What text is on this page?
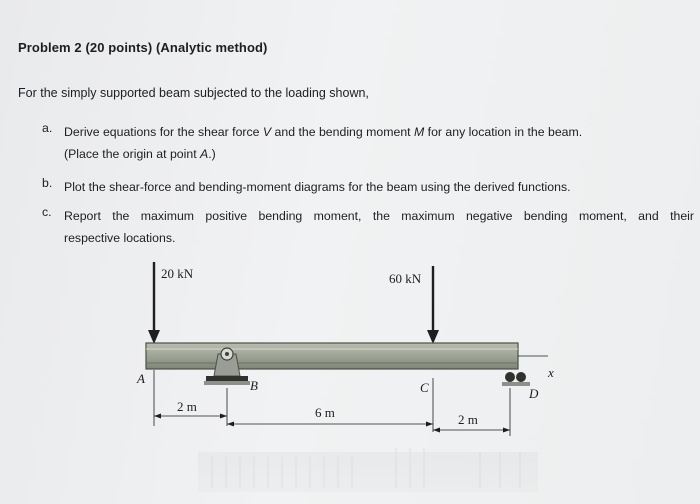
Problem 2 (20 points) (Analytic method)
For the simply supported beam subjected to the loading shown,
a. Derive equations for the shear force V and the bending moment M for any location in the beam.
(Place the origin at point A.)
b. Plot the shear-force and bending-moment diagrams for the beam using the derived functions.
c. Report the maximum positive bending moment, the maximum negative bending moment, and their
respective locations.
20 kN	60 kN
x
B
D
A
C
2 m	6 m	2 m
